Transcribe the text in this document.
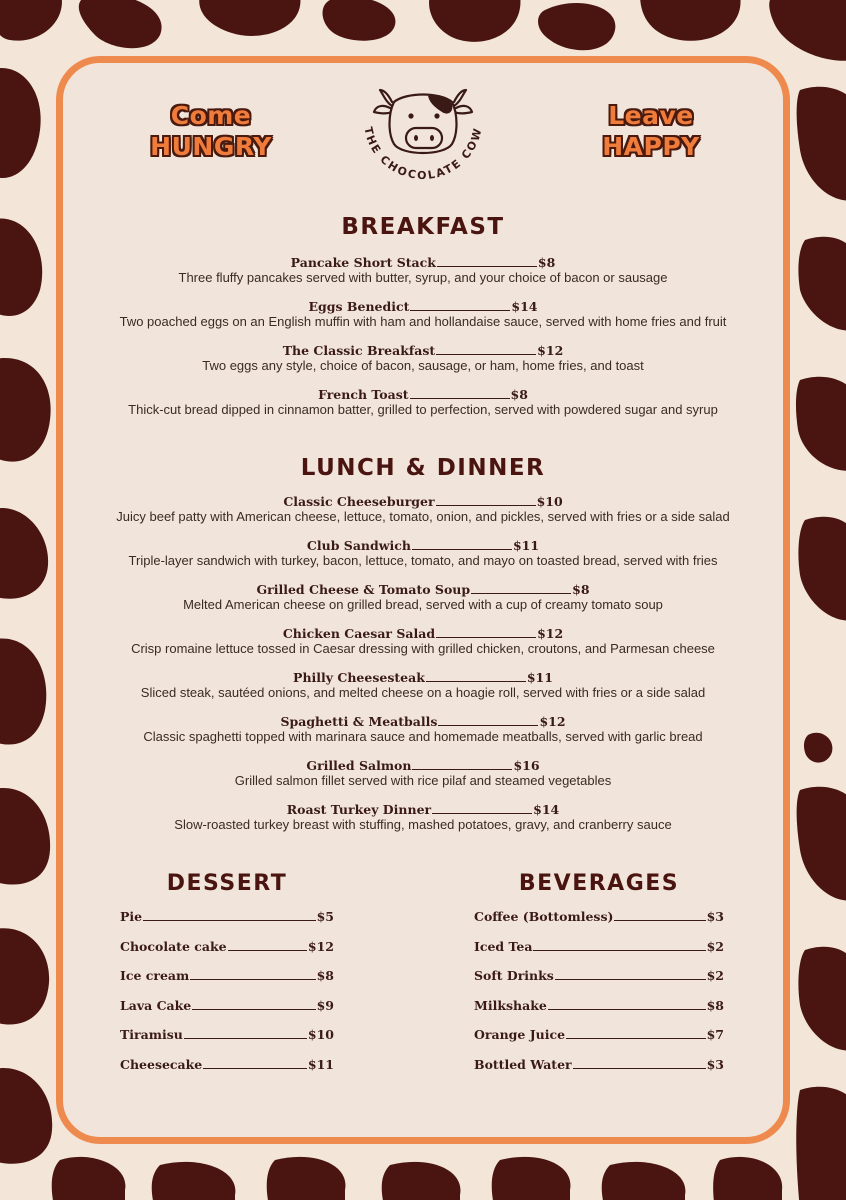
Come
HUNGRY
Leave
HAPPY
THE CHOCOLATE COW
BREAKFAST
Pancake Short Stack	$8
Three fluffy pancakes served with butter, syrup, and your choice of bacon or sausage
Eggs Benedict	$14
Two poached eggs on an English muffin with ham and hollandaise sauce, served with home fries and fruit
The Classic Breakfast	$12
Two eggs any style, choice of bacon, sausage, or ham, home fries, and toast
French Toast	$8
Thick-cut bread dipped in cinnamon batter, grilled to perfection, served with powdered sugar and syrup
LUNCH & DINNER
Classic Cheeseburger	$10
Juicy beef patty with American cheese, lettuce, tomato, onion, and pickles, served with fries or a side salad
Club Sandwich	$11
Triple-layer sandwich with turkey, bacon, lettuce, tomato, and mayo on toasted bread, served with fries
Grilled Cheese & Tomato Soup	$8
Melted American cheese on grilled bread, served with a cup of creamy tomato soup
Chicken Caesar Salad	$12
Crisp romaine lettuce tossed in Caesar dressing with grilled chicken, croutons, and Parmesan cheese
Philly Cheesesteak	$11
Sliced steak, sautéed onions, and melted cheese on a hoagie roll, served with fries or a side salad
Spaghetti & Meatballs	$12
Classic spaghetti topped with marinara sauce and homemade meatballs, served with garlic bread
Grilled Salmon	$16
Grilled salmon fillet served with rice pilaf and steamed vegetables
Roast Turkey Dinner	$14
Slow-roasted turkey breast with stuffing, mashed potatoes, gravy, and cranberry sauce
DESSERT	BEVERAGES
Pie	$5
Chocolate cake	$12
Ice cream	$8
Lava Cake	$9
Tiramisu	$10
Cheesecake	$11
Coffee (Bottomless)	$3
Iced Tea	$2
Soft Drinks	$2
Milkshake	$8
Orange Juice	$7
Bottled Water	$3
